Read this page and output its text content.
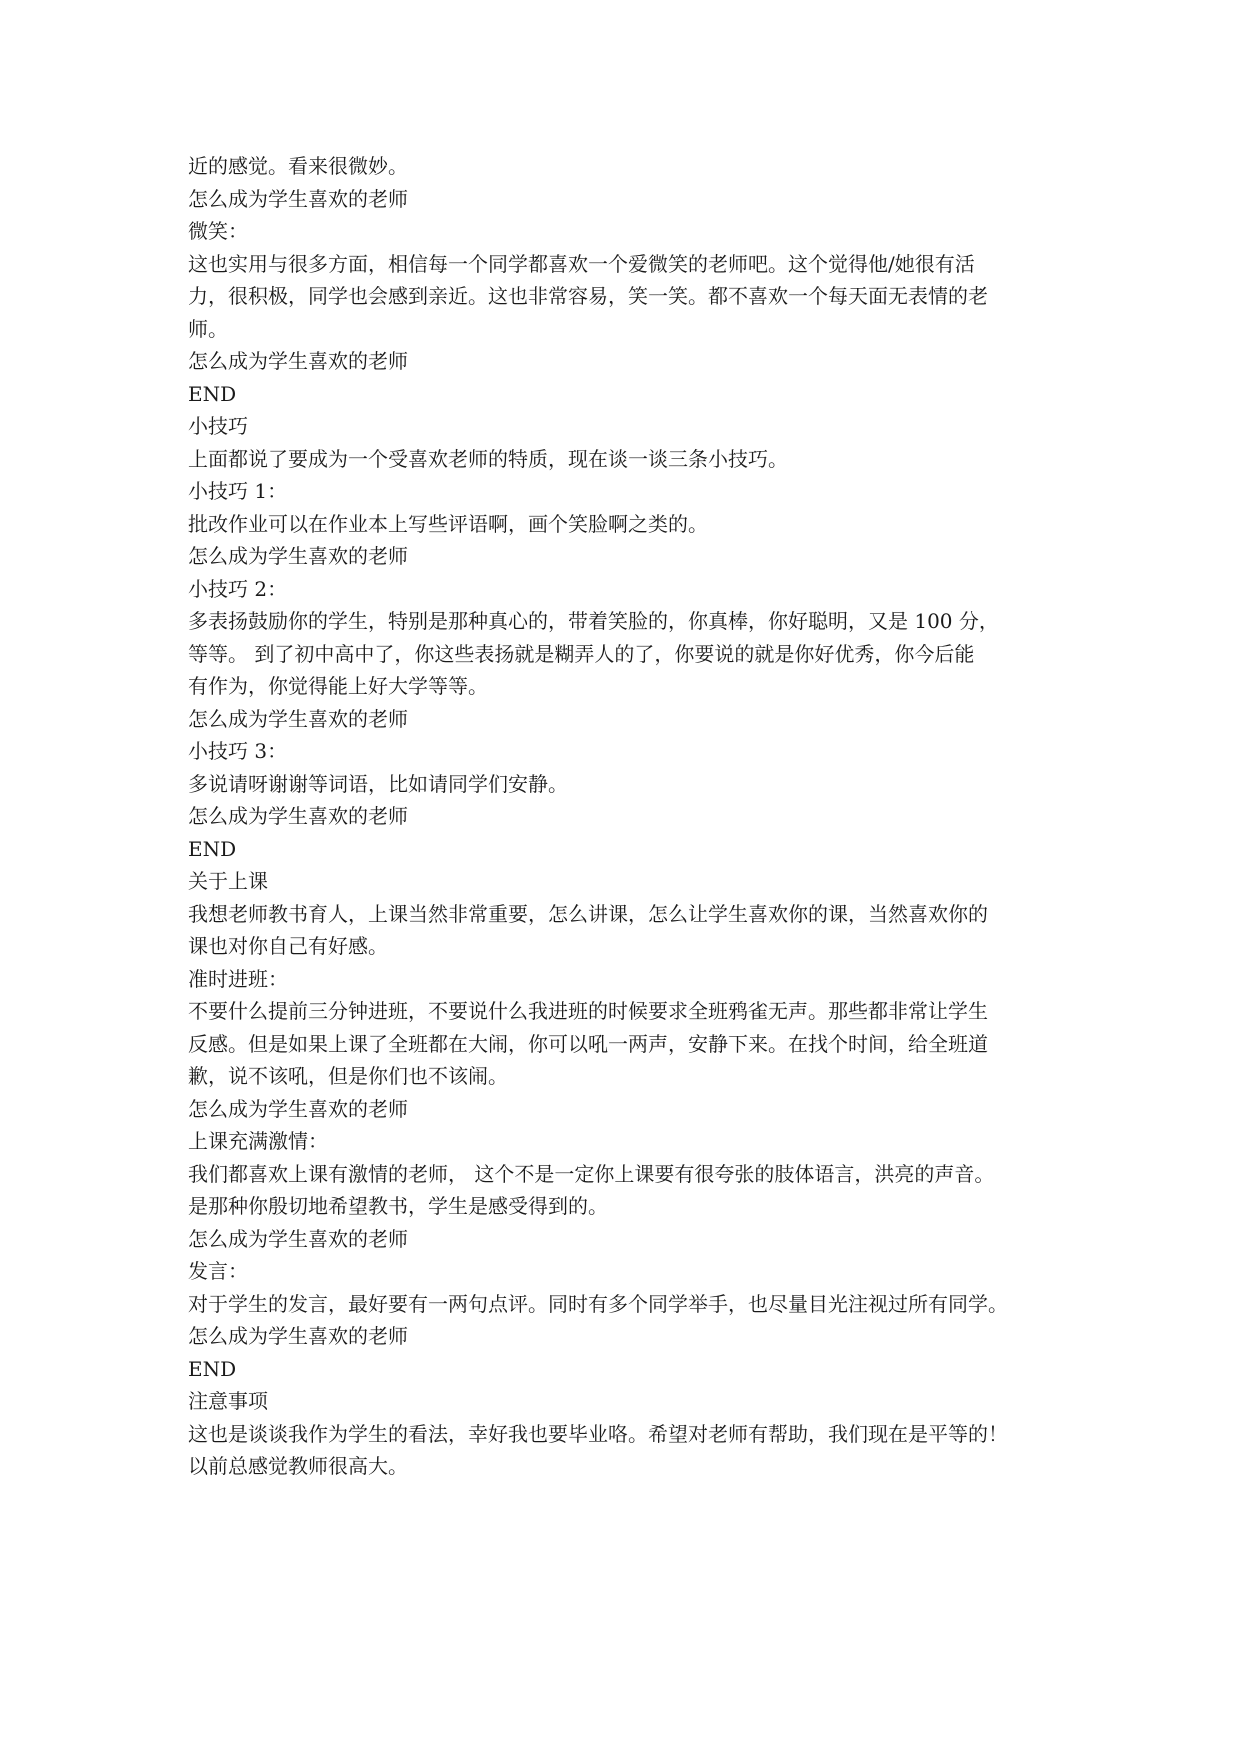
近的感觉。看来很微妙。
怎么成为学生喜欢的老师
微笑：
这也实用与很多方面，相信每一个同学都喜欢一个爱微笑的老师吧。这个觉得他/她很有活
力，很积极，同学也会感到亲近。这也非常容易，笑一笑。都不喜欢一个每天面无表情的老
师。
怎么成为学生喜欢的老师
END
小技巧
上面都说了要成为一个受喜欢老师的特质，现在谈一谈三条小技巧。
小技巧 1：
批改作业可以在作业本上写些评语啊，画个笑脸啊之类的。
怎么成为学生喜欢的老师
小技巧 2：
多表扬鼓励你的学生，特别是那种真心的，带着笑脸的，你真棒，你好聪明，又是 100 分，
等等。 到了初中高中了，你这些表扬就是糊弄人的了，你要说的就是你好优秀，你今后能
有作为，你觉得能上好大学等等。
怎么成为学生喜欢的老师
小技巧 3：
多说请呀谢谢等词语，比如请同学们安静。
怎么成为学生喜欢的老师
END
关于上课
我想老师教书育人，上课当然非常重要，怎么讲课，怎么让学生喜欢你的课，当然喜欢你的
课也对你自己有好感。
准时进班：
不要什么提前三分钟进班，不要说什么我进班的时候要求全班鸦雀无声。那些都非常让学生
反感。但是如果上课了全班都在大闹，你可以吼一两声，安静下来。在找个时间，给全班道
歉，说不该吼，但是你们也不该闹。
怎么成为学生喜欢的老师
上课充满激情：
我们都喜欢上课有激情的老师， 这个不是一定你上课要有很夸张的肢体语言，洪亮的声音。
是那种你殷切地希望教书，学生是感受得到的。
怎么成为学生喜欢的老师
发言：
对于学生的发言，最好要有一两句点评。同时有多个同学举手，也尽量目光注视过所有同学。
怎么成为学生喜欢的老师
END
注意事项
这也是谈谈我作为学生的看法，幸好我也要毕业咯。希望对老师有帮助，我们现在是平等的！
以前总感觉教师很高大。
